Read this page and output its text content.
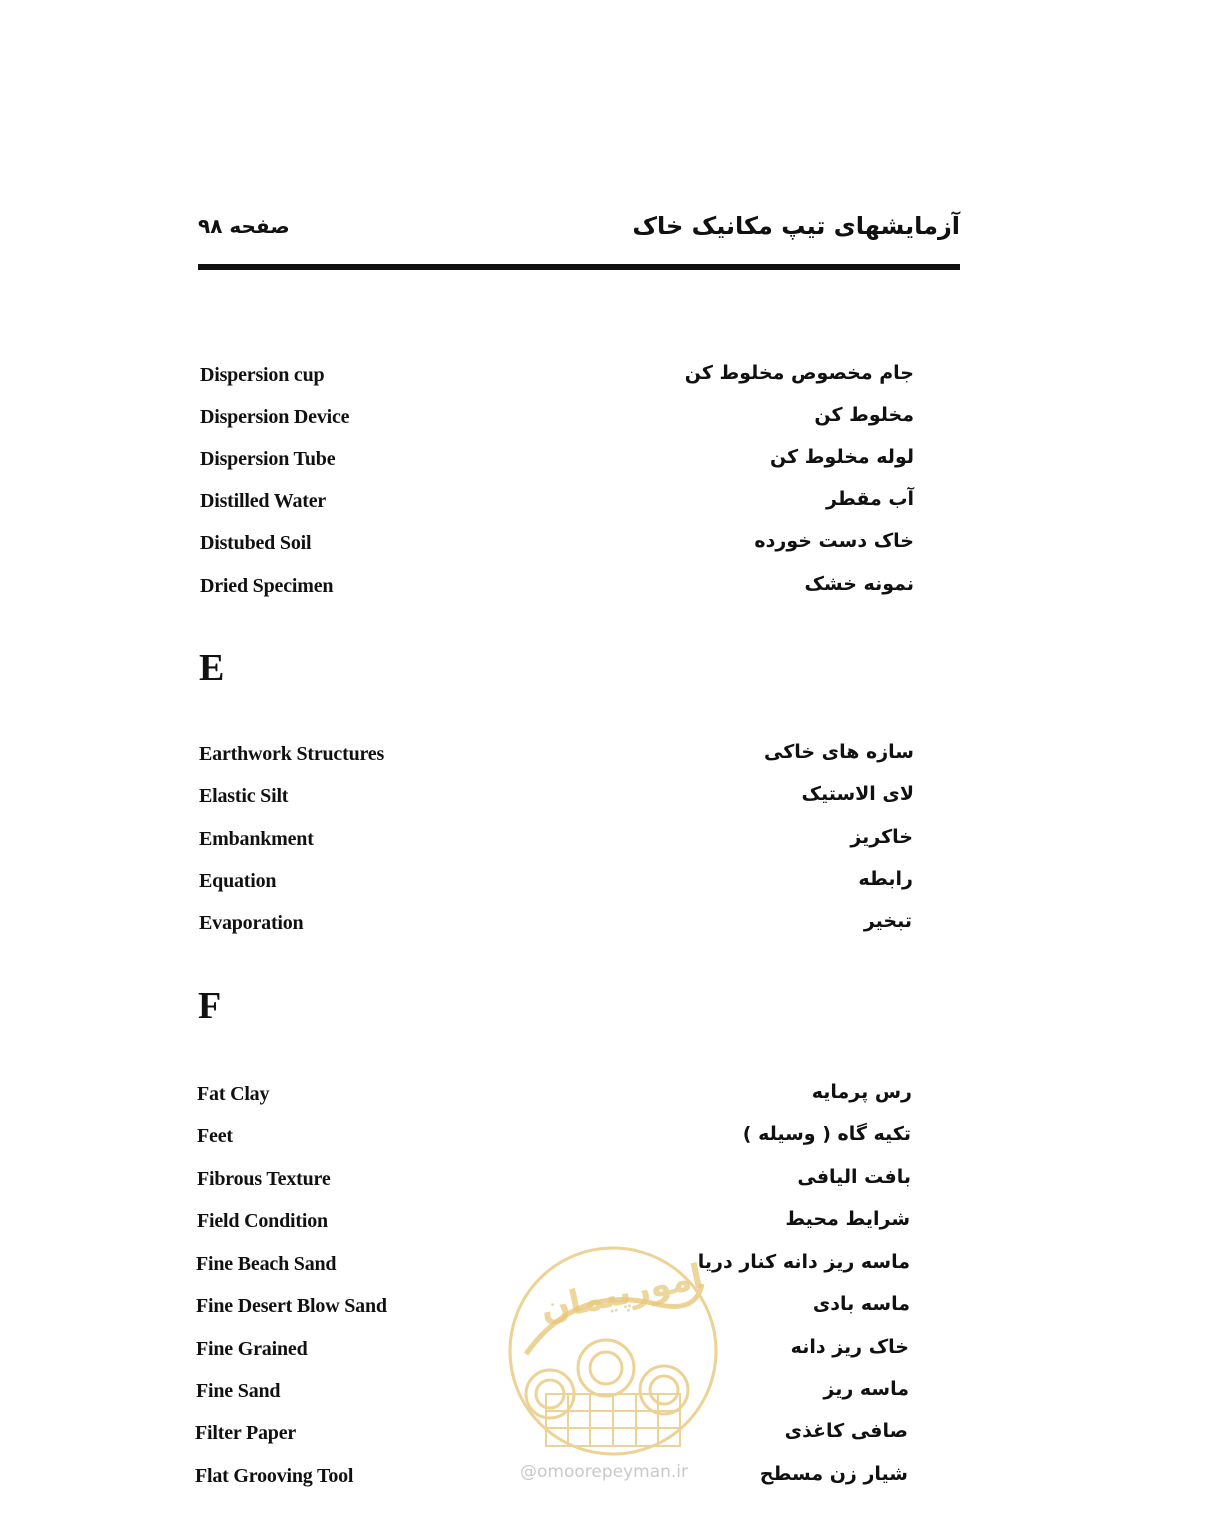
آزمایشهای تیپ مکانیک خاک
صفحه ۹۸
Dispersion cup	جام مخصوص مخلوط کن
Dispersion Device	مخلوط کن
Dispersion Tube	لوله مخلوط کن
Distilled Water	آب مقطر
Distubed Soil	خاک دست خورده
Dried Specimen	نمونه خشک
E
Earthwork Structures	سازه های خاکی
Elastic Silt	لای الاستیک
Embankment	خاکریز
Equation	رابطه
Evaporation	تبخیر
F
Fat Clay	رس پرمایه
Feet	تکیه گاه ( وسیله )
Fibrous Texture	بافت الیافی
Field Condition	شرایط محیط
Fine Beach Sand	ماسه ریز دانه کنار دریا
Fine Desert Blow Sand	ماسه بادی
Fine Grained	خاک ریز دانه
Fine Sand	ماسه ریز
Filter Paper	صافی کاغذی
Flat Grooving Tool	شیار زن مسطح
امورپیمان
@omoorepeyman.ir
